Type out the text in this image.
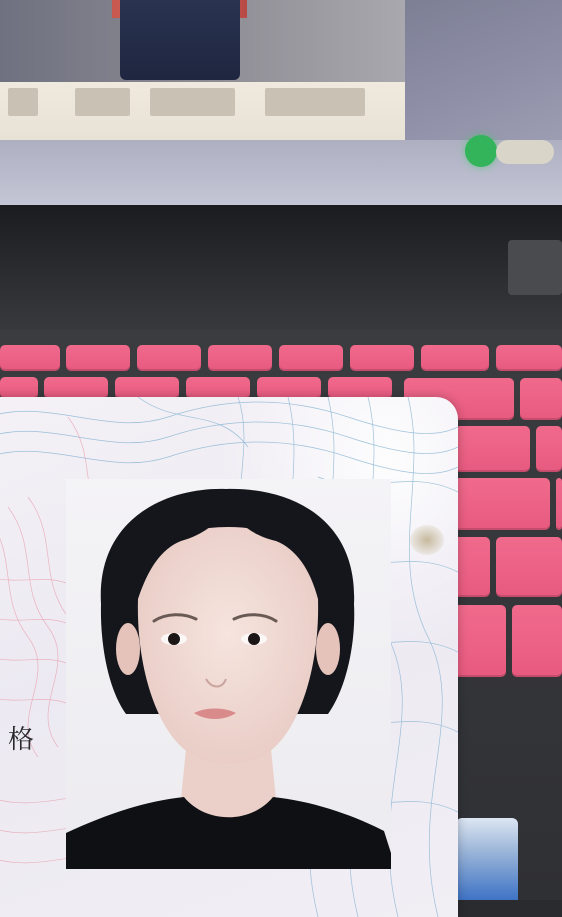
格
